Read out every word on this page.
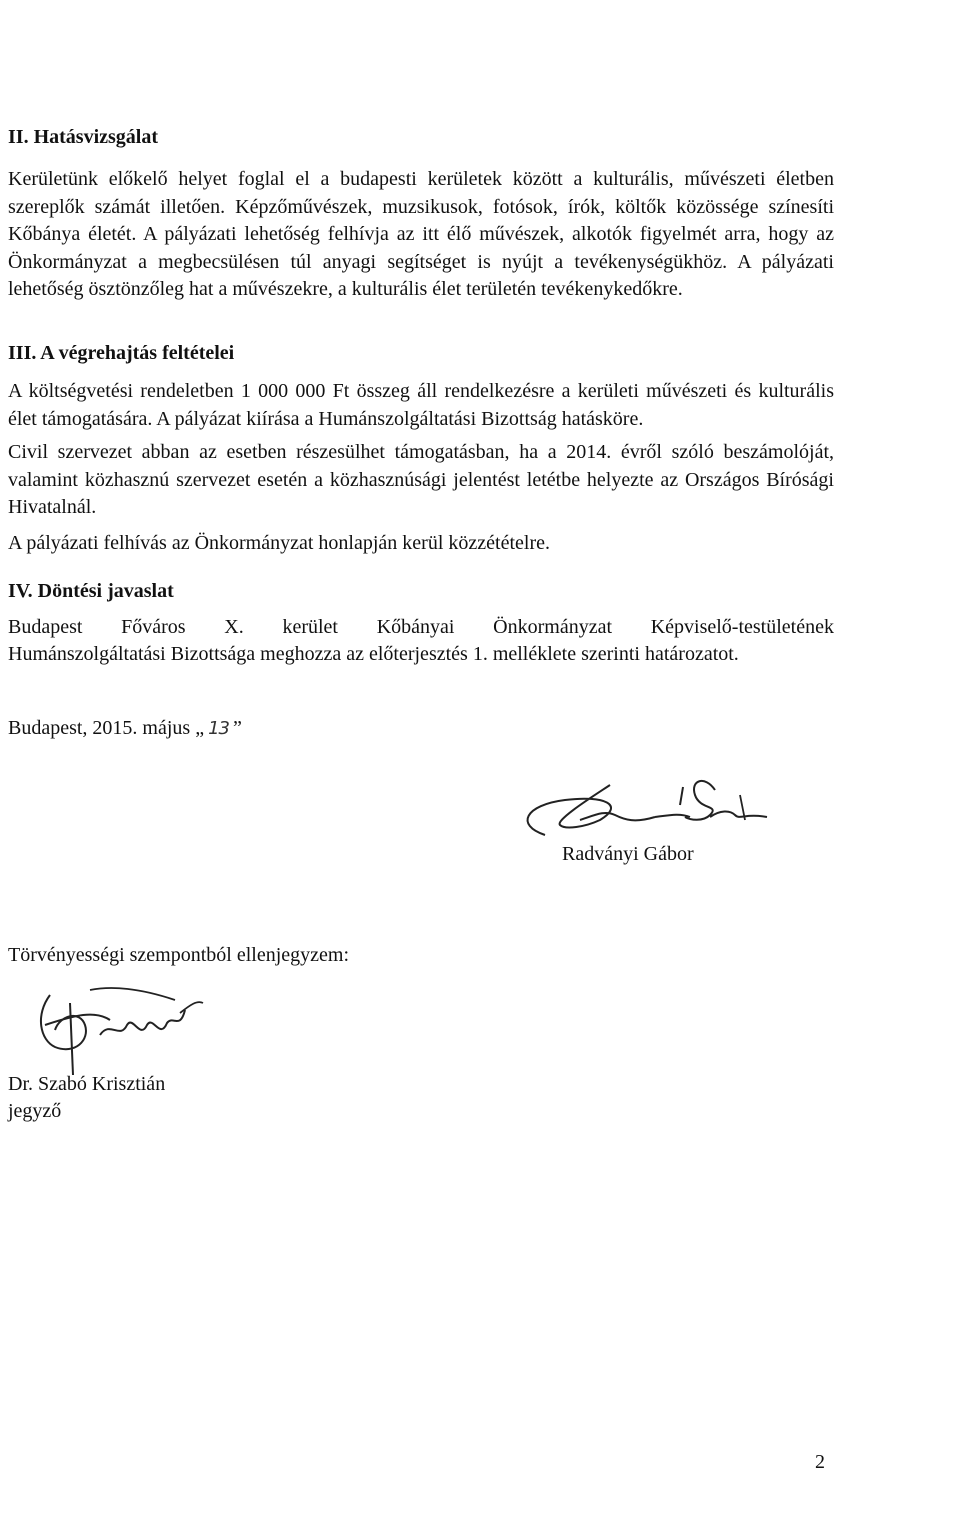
II. Hatásvizsgálat
Kerületünk előkelő helyet foglal el a budapesti kerületek között a kulturális, művészeti életben szereplők számát illetően. Képzőművészek, muzsikusok, fotósok, írók, költők közössége színesíti Kőbánya életét. A pályázati lehetőség felhívja az itt élő művészek, alkotók figyelmét arra, hogy az Önkormányzat a megbecsülésen túl anyagi segítséget is nyújt a tevékenységükhöz. A pályázati lehetőség ösztönzőleg hat a művészekre, a kulturális élet területén tevékenykedőkre.
III. A végrehajtás feltételei
A költségvetési rendeletben 1 000 000 Ft összeg áll rendelkezésre a kerületi művészeti és kulturális élet támogatására. A pályázat kiírása a Humánszolgáltatási Bizottság hatásköre.
Civil szervezet abban az esetben részesülhet támogatásban, ha a 2014. évről szóló beszámolóját, valamint közhasznú szervezet esetén a közhasznúsági jelentést letétbe helyezte az Országos Bírósági Hivatalnál.
A pályázati felhívás az Önkormányzat honlapján kerül közzétételre.
IV. Döntési javaslat
Budapest Főváros X. kerület Kőbányai Önkormányzat Képviselő-testületének
Humánszolgáltatási Bizottsága meghozza az előterjesztés 1. melléklete szerinti határozatot.
Budapest, 2015. május „ 13 ”
Radványi Gábor
Törvényességi szempontból ellenjegyzem:
Dr. Szabó Krisztián
jegyző
2
